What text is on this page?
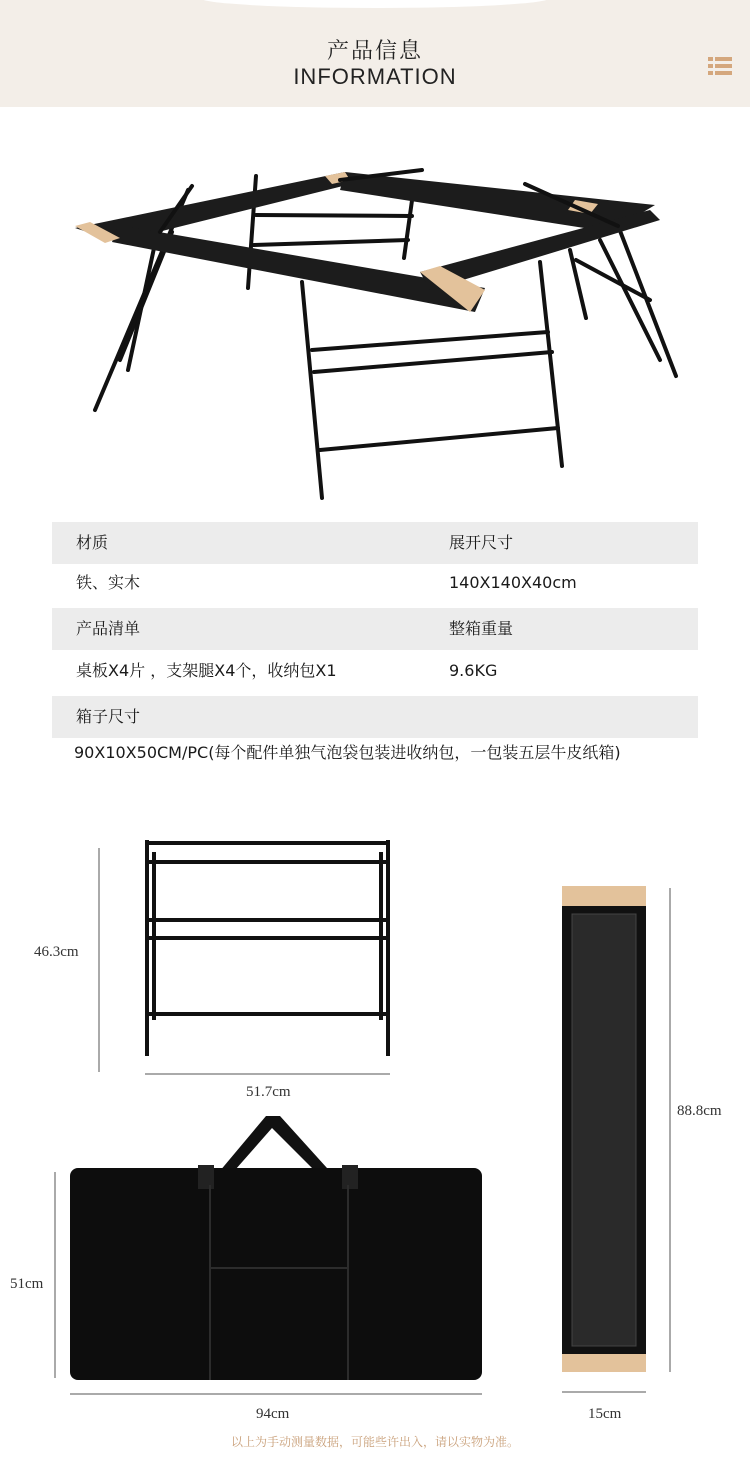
产品信息
INFORMATION
材质	展开尺寸
铁、实木	140X140X40cm
产品清单	整箱重量
桌板X4片 ，支架腿X4个，收纳包X1	9.6KG
箱子尺寸
90X10X50CM/PC(每个配件单独气泡袋包装进收纳包，一包装五层牛皮纸箱)
46.3cm
51.7cm
88.8cm
15cm
51cm
94cm
以上为手动测量数据，可能些许出入，请以实物为准。
